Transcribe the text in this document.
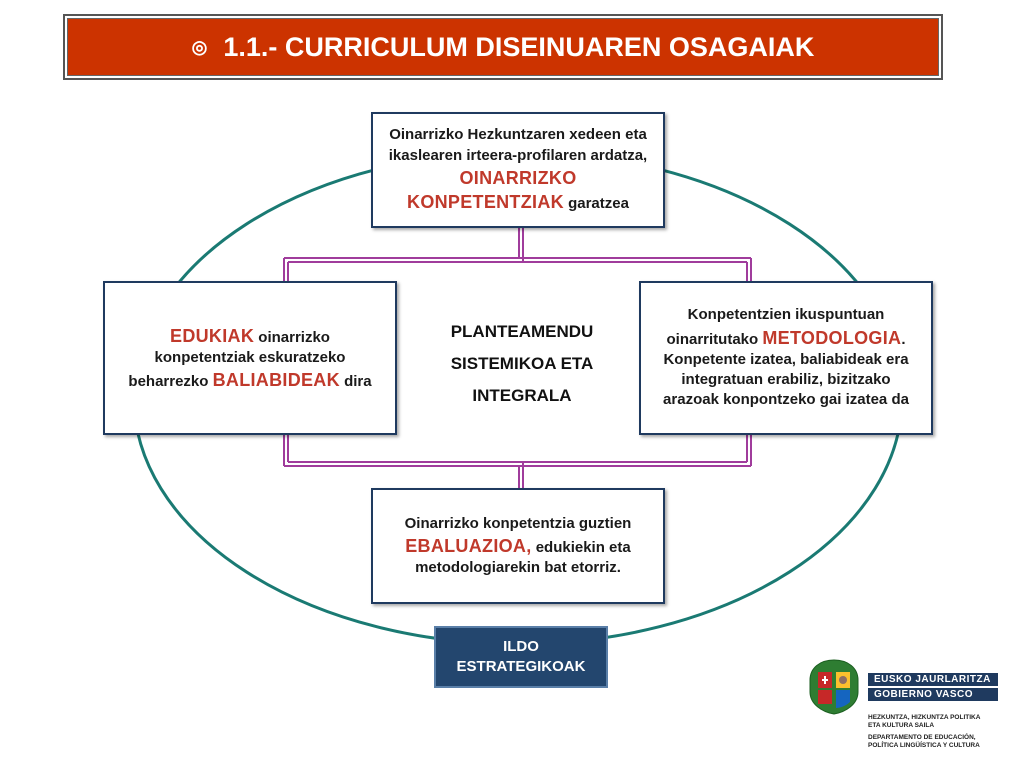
◎ 1.1.- CURRICULUM DISEINUAREN OSAGAIAK
Oinarrizko Hezkuntzaren xedeen eta ikaslearen irteera-profilaren ardatza, OINARRIZKO KONPETENTZIAK garatzea
EDUKIAK oinarrizko konpetentziak eskuratzeko beharrezko BALIABIDEAK dira
Konpetentzien ikuspuntuan oinarritutako METODOLOGIA. Konpetente izatea, baliabideak era integratuan erabiliz, bizitzako arazoak konpontzeko gai izatea da
Oinarrizko konpetentzia guztien EBALUAZIOA, edukiekin eta metodologiarekin bat etorriz.
PLANTEAMENDU
SISTEMIKOA ETA
INTEGRALA
ILDO
ESTRATEGIKOAK
EUSKO JAURLARITZA
GOBIERNO VASCO
HEZKUNTZA, HIZKUNTZA POLITIKA
ETA KULTURA SAILA
DEPARTAMENTO DE EDUCACIÓN,
POLÍTICA LINGÜÍSTICA Y CULTURA
